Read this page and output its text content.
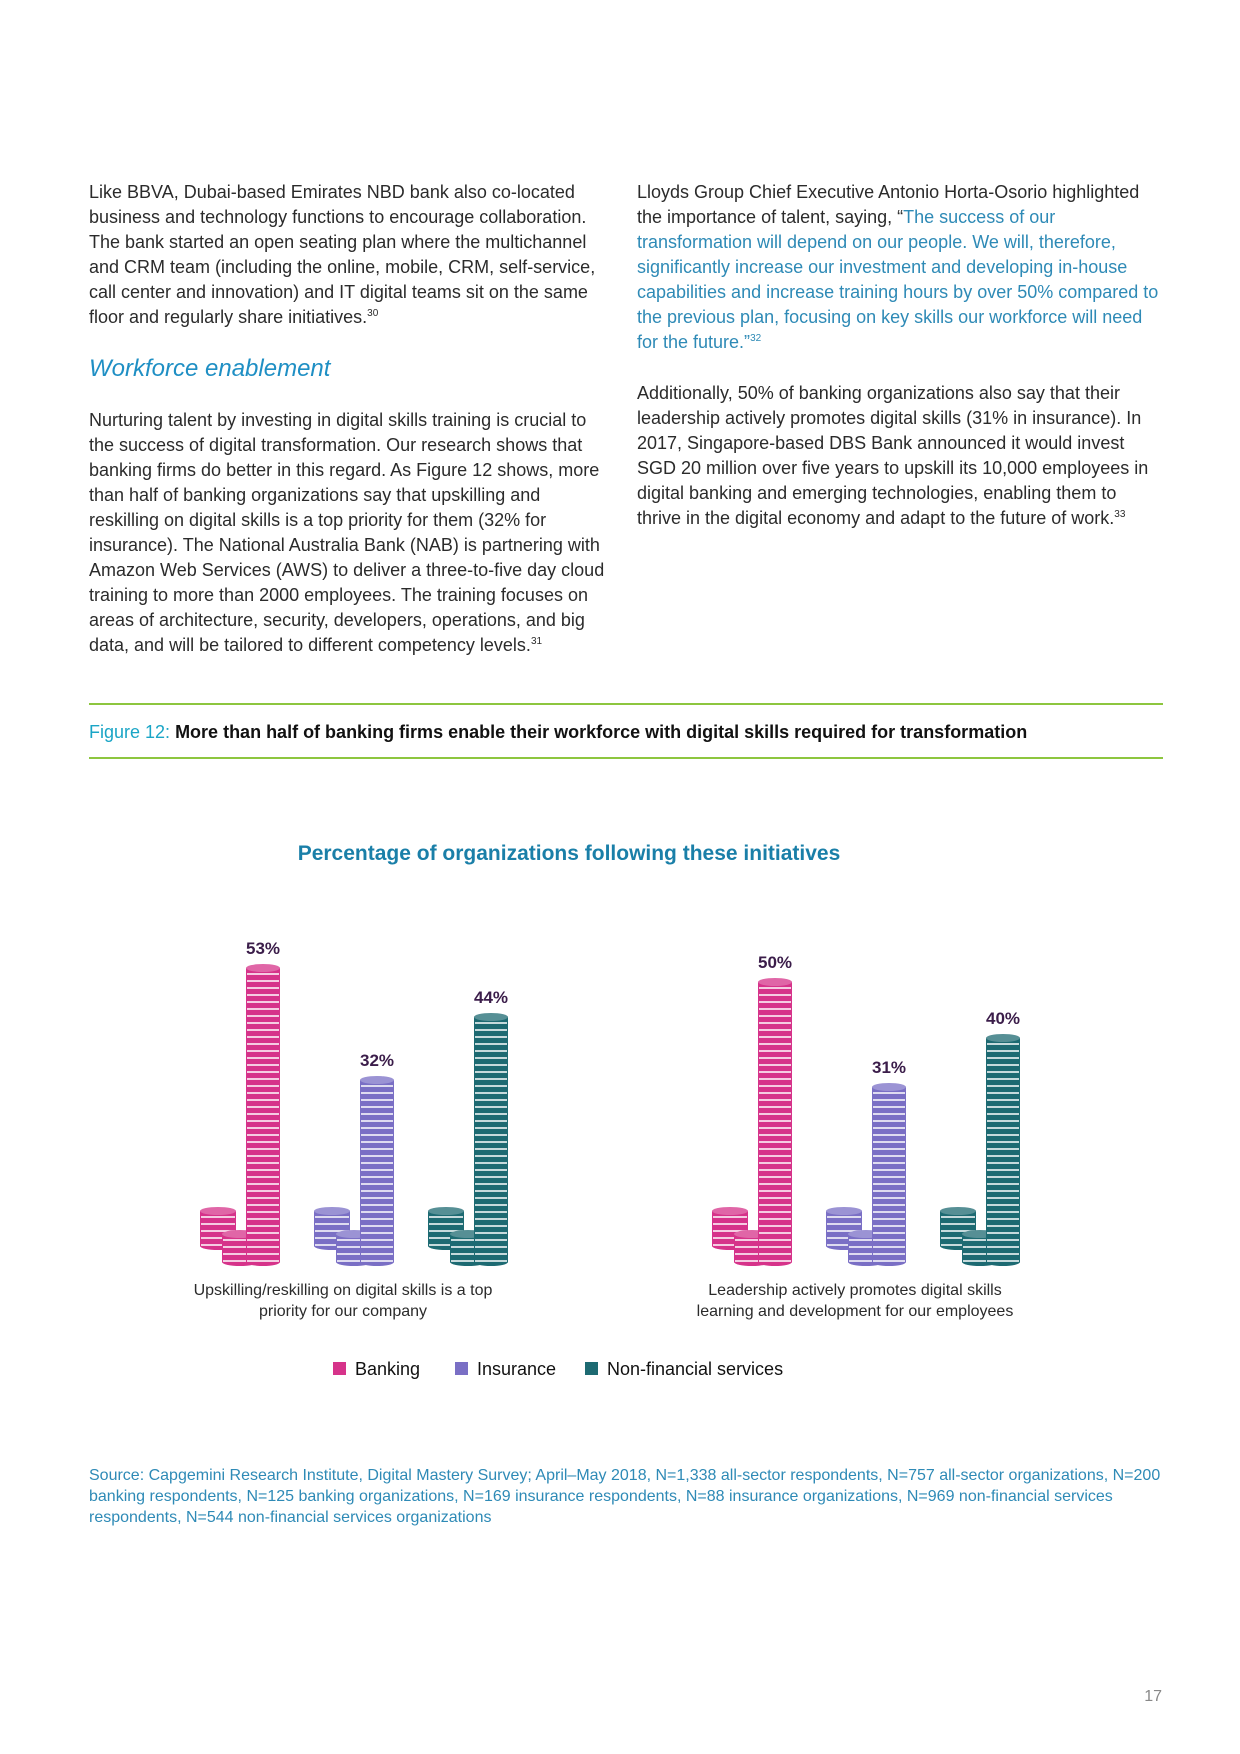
Like BBVA, Dubai-based Emirates NBD bank also co-located business and technology functions to encourage collaboration. The bank started an open seating plan where the multichannel and CRM team (including the online, mobile, CRM, self-service, call center and innovation) and IT digital teams sit on the same floor and regularly share initiatives.$^{30}$

Workforce enablement

Nurturing talent by investing in digital skills training is crucial to the success of digital transformation. Our research shows that banking firms do better in this regard. As Figure 12 shows, more than half of banking organizations say that upskilling and reskilling on digital skills is a top priority for them (32% for insurance). The National Australia Bank (NAB) is partnering with Amazon Web Services (AWS) to deliver a three-to-five day cloud training to more than 2000 employees. The training focuses on areas of architecture, security, developers, operations, and big data, and will be tailored to different competency levels.$^{31}$

Lloyds Group Chief Executive Antonio Horta-Osorio highlighted the importance of talent, saying, “The success of our transformation will depend on our people. We will, therefore, significantly increase our investment and developing in-house capabilities and increase training hours by over 50% compared to the previous plan, focusing on key skills our workforce will need for the future.”$^{32}$

Additionally, 50% of banking organizations also say that their leadership actively promotes digital skills (31% in insurance). In 2017, Singapore-based DBS Bank announced it would invest SGD 20 million over five years to upskill its 10,000 employees in digital banking and emerging technologies, enabling them to thrive in the digital economy and adapt to the future of work.$^{33}$

Figure 12: More than half of banking firms enable their workforce with digital skills required for transformation
Percentage of organizations following these initiatives
53%
32%
44%
Upskilling/reskilling on digital skills is a top
priority for our company
50%
31%
40%
Leadership actively promotes digital skills
learning and development for our employees
Banking	Insurance	Non-financial services
Source: Capgemini Research Institute, Digital Mastery Survey; April–May 2018, N=1,338 all-sector respondents, N=757 all-sector organizations, N=200 banking respondents, N=125 banking organizations, N=169 insurance respondents, N=88 insurance organizations, N=969 non-financial services respondents, N=544 non-financial services organizations
17
